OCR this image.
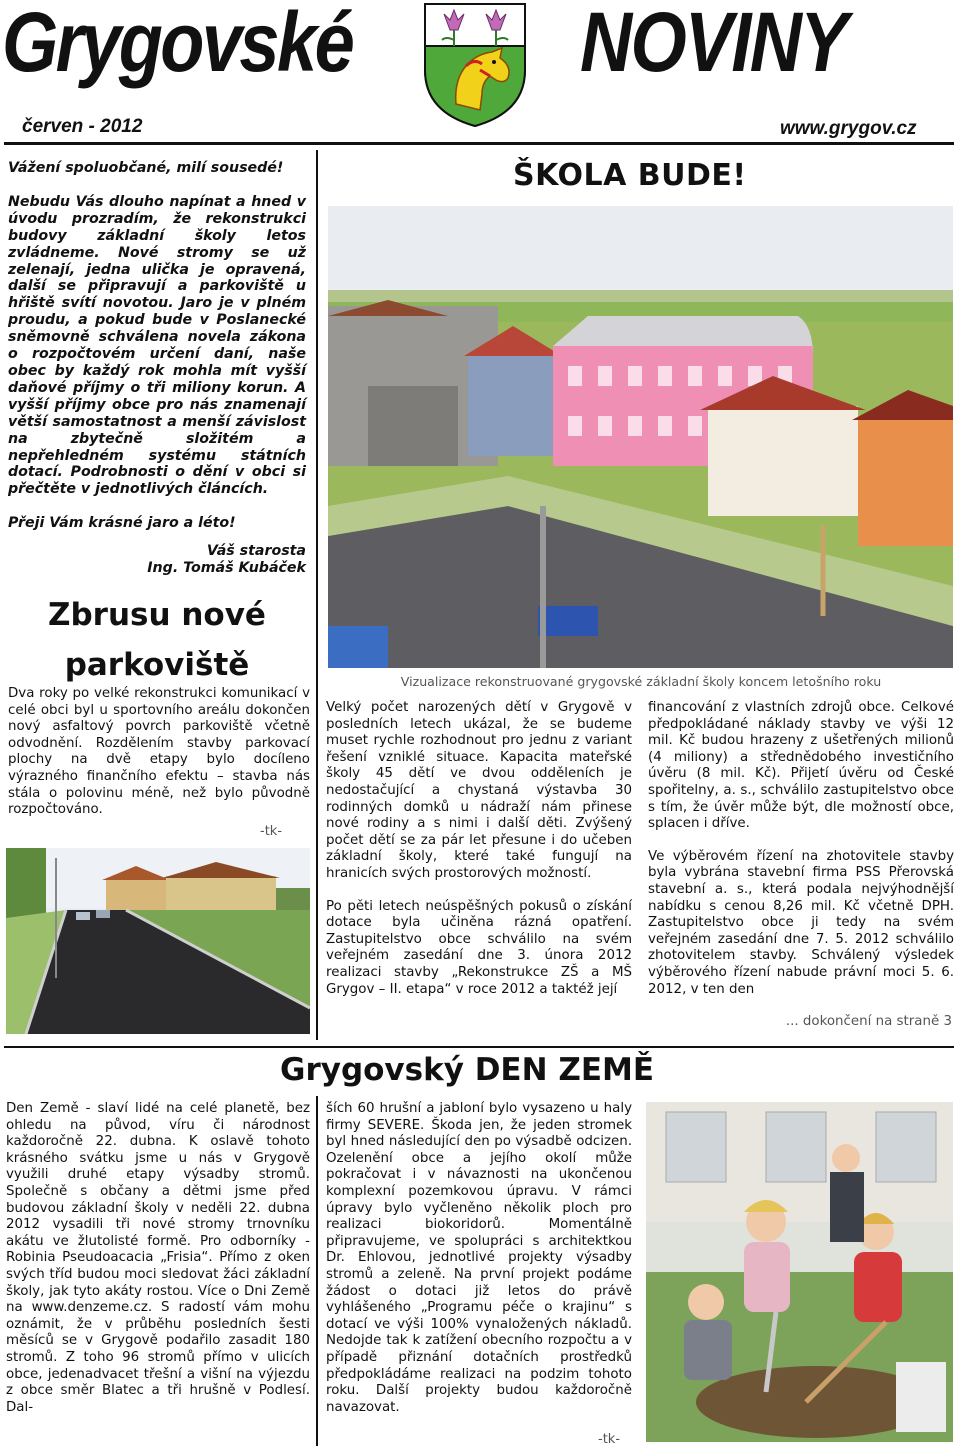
Grygovské	NOVINY
červen - 2012	www.grygov.cz

Vážení spoluobčané, milí sousedé!

Nebudu Vás dlouho napínat a hned v úvodu prozradím, že rekonstrukci budovy základní školy letos zvládneme. Nové stromy se už zelenají, jedna ulička je opravená, další se připravují a parkoviště u hřiště svítí novotou. Jaro je v plném proudu, a pokud bude v Poslanecké sněmovně schválena novela zákona o rozpočtovém určení daní, naše obec by každý rok mohla mít vyšší daňové příjmy o tři miliony korun. A vyšší příjmy obce pro nás znamenají větší samostatnost a menší závislost na zbytečně složitém a nepřehledném systému státních dotací. Podrobnosti o dění v obci si přečtěte v jednotlivých článcích.

Přeji Vám krásné jaro a léto!

Váš starosta
Ing. Tomáš Kubáček
Zbrusu nové parkoviště
Dva roky po velké rekonstrukci komunikací v celé obci byl u sportovního areálu dokončen nový asfaltový povrch parkoviště včetně odvodnění. Rozdělením stavby parkovací plochy na dvě etapy bylo docíleno výrazného finančního efektu – stavba nás stála o polovinu méně, než bylo původně rozpočtováno.
-tk-
ŠKOLA BUDE!
Vizualizace rekonstruované grygovské základní školy koncem letošního roku

Velký počet narozených dětí v Grygově v posledních letech ukázal, že se budeme muset rychle rozhodnout pro jednu z variant řešení vzniklé situace. Kapacita mateřské školy 45 dětí ve dvou odděleních je nedostačující a chystaná výstavba 30 rodinných domků u nádraží nám přinese nové rodiny a s nimi i další děti. Zvýšený počet dětí se za pár let přesune i do učeben základní školy, které také fungují na hranicích svých prostorových možností.

Po pěti letech neúspěšných pokusů o získání dotace byla učiněna rázná opatření. Zastupitelstvo obce schválilo na svém veřejném zasedání dne 3. února 2012 realizaci stavby „Rekonstrukce ZŠ a MŠ Grygov – II. etapa“ v roce 2012 a taktéž její

financování z vlastních zdrojů obce. Celkové předpokládané náklady stavby ve výši 12 mil. Kč budou hrazeny z ušetřených milionů (4 miliony) a střednědobého investičního úvěru (8 mil. Kč). Přijetí úvěru od České spořitelny, a. s., schválilo zastupitelstvo obce s tím, že úvěr může být, dle možností obce, splacen i dříve.

Ve výběrovém řízení na zhotovitele stavby byla vybrána stavební firma PSS Přerovská stavební a. s., která podala nejvýhodnější nabídku s cenou 8,26 mil. Kč včetně DPH. Zastupitelstvo obce ji tedy na svém veřejném zasedání dne 7. 5. 2012 schválilo zhotovitelem stavby. Schválený výsledek výběrového řízení nabude právní moci 5. 6. 2012, v ten den

... dokončení na straně 3
Grygovský DEN ZEMĚ
Den Země - slaví lidé na celé planetě, bez ohledu na původ, víru či národnost každoročně 22. dubna. K oslavě tohoto krásného svátku jsme u nás v Grygově využili druhé etapy výsadby stromů. Společně s občany a dětmi jsme před budovou základní školy v neděli 22. dubna 2012 vysadili tři nové stromy trnovníku akátu ve žlutolisté formě. Pro odborníky - Robinia Pseudoacacia „Frisia“. Přímo z oken svých tříd budou moci sledovat žáci základní školy, jak tyto akáty rostou. Více o Dni Země na www.denzeme.cz. S radostí vám mohu oznámit, že v průběhu posledních šesti měsíců se v Grygově podařilo zasadit 180 stromů. Z toho 96 stromů přímo v ulicích obce, jedenadvacet třešní a višní na výjezdu z obce směr Blatec a tři hrušně v Podlesí. Dal-
ších 60 hrušní a jabloní bylo vysazeno u haly firmy SEVERE. Škoda jen, že jeden stromek byl hned následující den po výsadbě odcizen. Ozelenění obce a jejího okolí může pokračovat i v návaznosti na ukončenou komplexní pozemkovou úpravu. V rámci úpravy bylo vyčleněno několik ploch pro realizaci biokoridorů. Momentálně připravujeme, ve spolupráci s architektkou Dr. Ehlovou, jednotlivé projekty výsadby stromů a zeleně. Na první projekt podáme žádost o dotaci již letos do právě vyhlášeného „Programu péče o krajinu“ s dotací ve výši 100% vynaložených nákladů. Nedojde tak k zatížení obecního rozpočtu a v případě přiznání dotačních prostředků předpokládáme realizaci na podzim tohoto roku. Další projekty budou každoročně navazovat.
-tk-
